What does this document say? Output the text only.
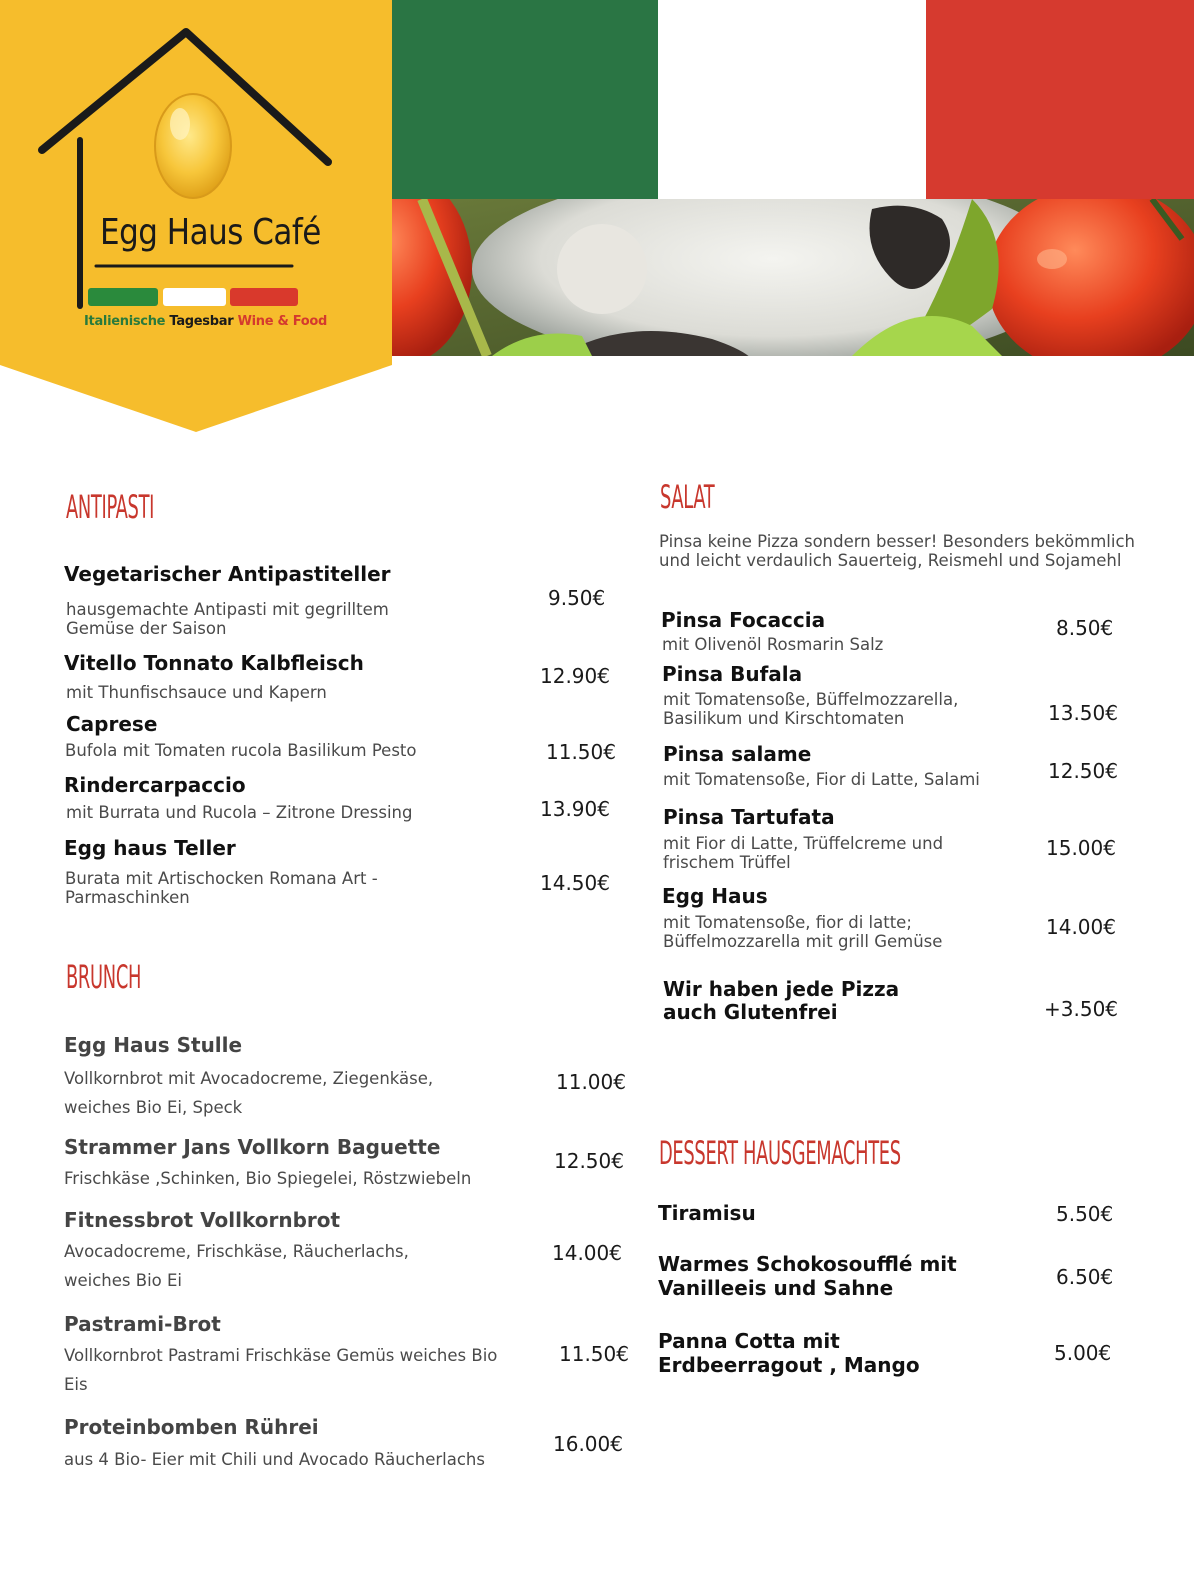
Egg Haus Café
Italienische Tagesbar Wine & Food
ANTIPASTI
Vegetarischer Antipastiteller
hausgemachte Antipasti mit gegrilltem Gemüse der Saison
9.50€
Vitello Tonnato Kalbfleisch
mit Thunfischsauce und Kapern
12.90€
Caprese
Bufola mit Tomaten rucola Basilikum Pesto	11.50€
Rindercarpaccio
mit Burrata und Rucola – Zitrone Dressing	13.90€
Egg haus Teller
Burata mit Artischocken Romana Art - Parmaschinken
14.50€
BRUNCH
Egg Haus Stulle
Vollkornbrot mit Avocadocreme, Ziegenkäse, weiches Bio Ei, Speck
11.00€
Strammer Jans Vollkorn Baguette
Frischkäse ,Schinken, Bio Spiegelei, Röstzwiebeln
12.50€
Fitnessbrot Vollkornbrot
Avocadocreme, Frischkäse, Räucherlachs, weiches Bio Ei
14.00€
Pastrami-Brot
Vollkornbrot Pastrami Frischkäse Gemüs weiches Bio Eis
11.50€
Proteinbomben Rührei
aus 4 Bio- Eier mit Chili und Avocado Räucherlachs
16.00€
SALAT
Pinsa keine Pizza sondern besser! Besonders bekömmlich und leicht verdaulich Sauerteig, Reismehl und Sojamehl
Pinsa Focaccia
mit Olivenöl Rosmarin Salz
8.50€
Pinsa Bufala
mit Tomatensoße, Büffelmozzarella, Basilikum und Kirschtomaten	13.50€
Pinsa salame
mit Tomatensoße, Fior di Latte, Salami	12.50€
Pinsa Tartufata
mit Fior di Latte, Trüffelcreme und frischem Trüffel
15.00€
Egg Haus
mit Tomatensoße, fior di latte; Büffelmozzarella mit grill Gemüse
14.00€
Wir haben jede Pizza
auch Glutenfrei	+3.50€
DESSERT HAUSGEMACHTES
Tiramisu	5.50€
Warmes Schokosoufflé mit
Vanilleeis und Sahne	6.50€
Panna Cotta mit
Erdbeerragout , Mango	5.00€
